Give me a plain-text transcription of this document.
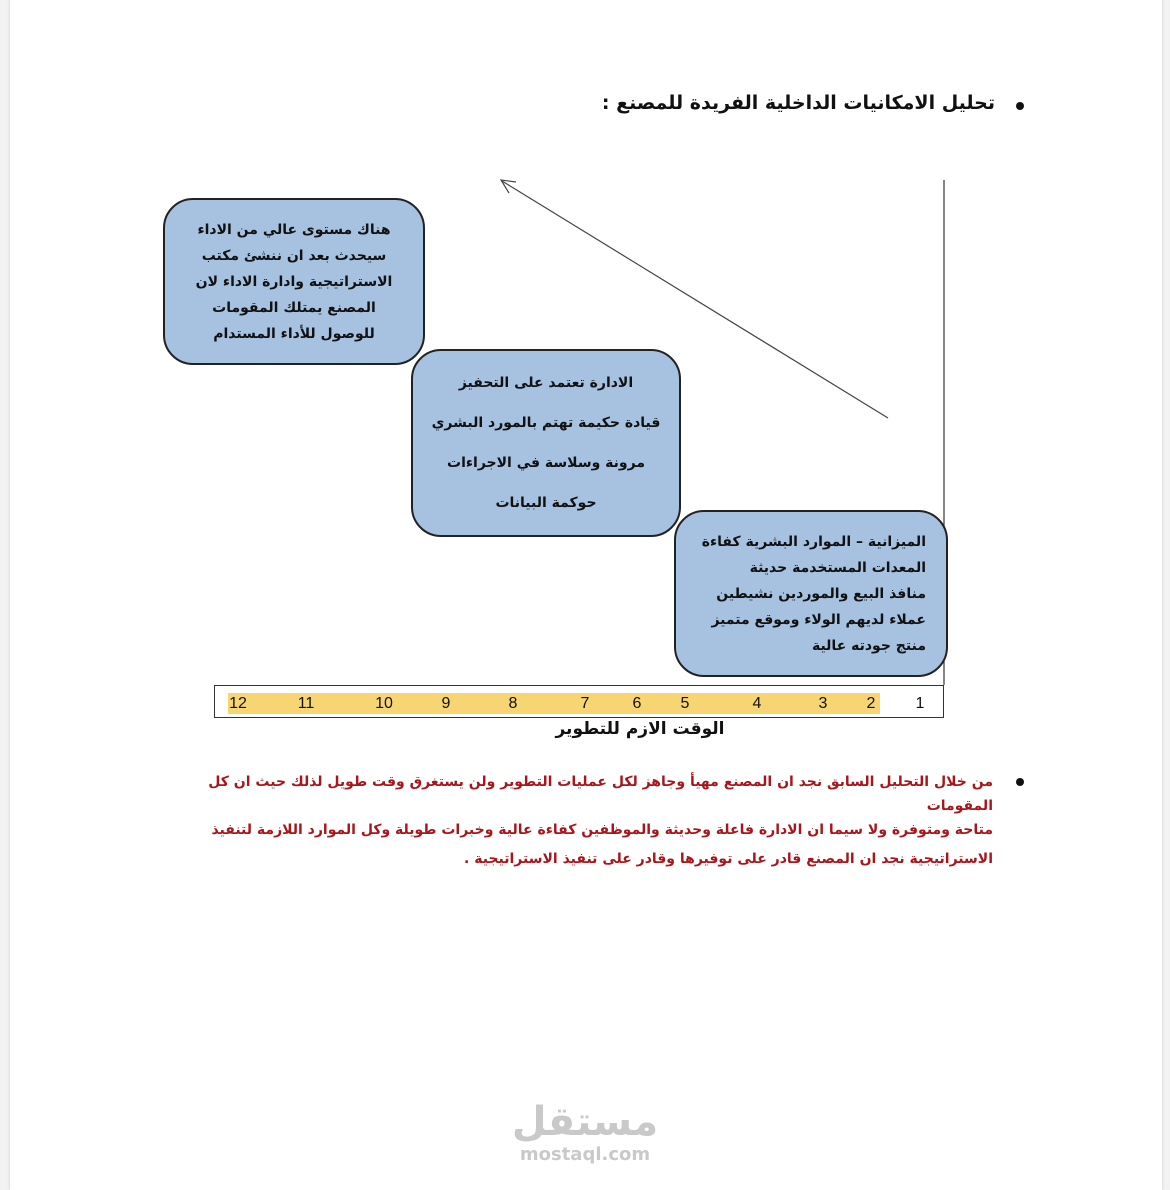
تحليل الامكانيات الداخلية الفريدة للمصنع :
هناك مستوى عالي من الاداء
سيحدث بعد ان ننشئ مكتب
الاستراتيجية وادارة الاداء لان
المصنع يمتلك المقومات
للوصول للأداء المستدام
الادارة تعتمد على التحفيز
قيادة حكيمة تهتم بالمورد البشري
مرونة وسلاسة في الاجراءات
حوكمة البيانات
الميزانية – الموارد البشرية كفاءة
المعدات المستخدمة حديثة
منافذ البيع والموردين نشيطين
عملاء لديهم الولاء وموقع متميز
منتج جودته عالية
12	11	10	9	8	7	6 5	4	3 2	1
الوقت الازم للتطوير
من خلال التحليل السابق نجد ان المصنع مهيأ وجاهز لكل عمليات التطوير ولن يستغرق وقت طويل لذلك حيث ان كل المقومات
متاحة ومتوفرة ولا سيما ان الادارة فاعلة وحديثة والموظفين كفاءة عالية وخبرات طويلة وكل الموارد اللازمة لتنفيذ
الاستراتيجية نجد ان المصنع قادر على توفيرها وقادر على تنفيذ الاستراتيجية .
مستقل
mostaql.com
